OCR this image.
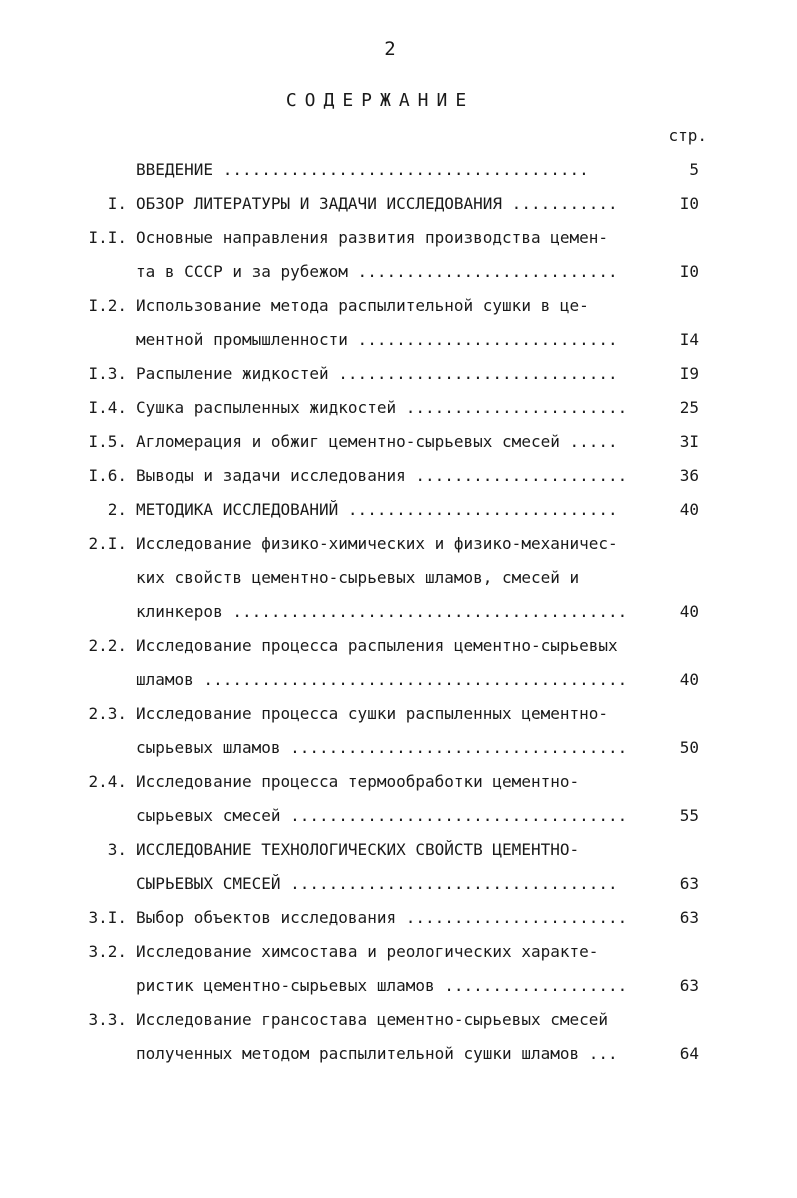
2
СОДЕРЖАНИЕ
стр.
ВВЕДЕНИЕ ......................................	5
I. ОБЗОР ЛИТЕРАТУРЫ И ЗАДАЧИ ИССЛЕДОВАНИЯ ...........	I0
I.I. Основные направления развития производства цемен-
та в СССР и за рубежом ...........................	I0
I.2. Использование метода распылительной сушки в це-
ментной промышленности ...........................	I4
I.3. Распыление жидкостей .............................	I9
I.4. Сушка распыленных жидкостей .......................	25
I.5. Агломерация и обжиг цементно-сырьевых смесей .....	3I
I.6. Выводы и задачи исследования ......................	36
2. МЕТОДИКА ИССЛЕДОВАНИЙ ............................	40
2.I. Исследование физико-химических и физико-механичес-
ких свойств цементно-сырьевых шламов, смесей и
клинкеров .........................................	40
2.2. Исследование процесса распыления цементно-сырьевых
шламов ............................................	40
2.3. Исследование процесса сушки распыленных цементно-
сырьевых шламов ...................................	50
2.4. Исследование процесса термообработки цементно-
сырьевых смесей ...................................	55
3. ИССЛЕДОВАНИЕ ТЕХНОЛОГИЧЕСКИХ СВОЙСТВ ЦЕМЕНТНО-
СЫРЬЕВЫХ СМЕСЕЙ ..................................	63
3.I. Выбор объектов исследования .......................	63
3.2. Исследование химсостава и реологических характе-
ристик цементно-сырьевых шламов ...................	63
3.3. Исследование грансостава цементно-сырьевых смесей
полученных методом распылительной сушки шламов ...	64
